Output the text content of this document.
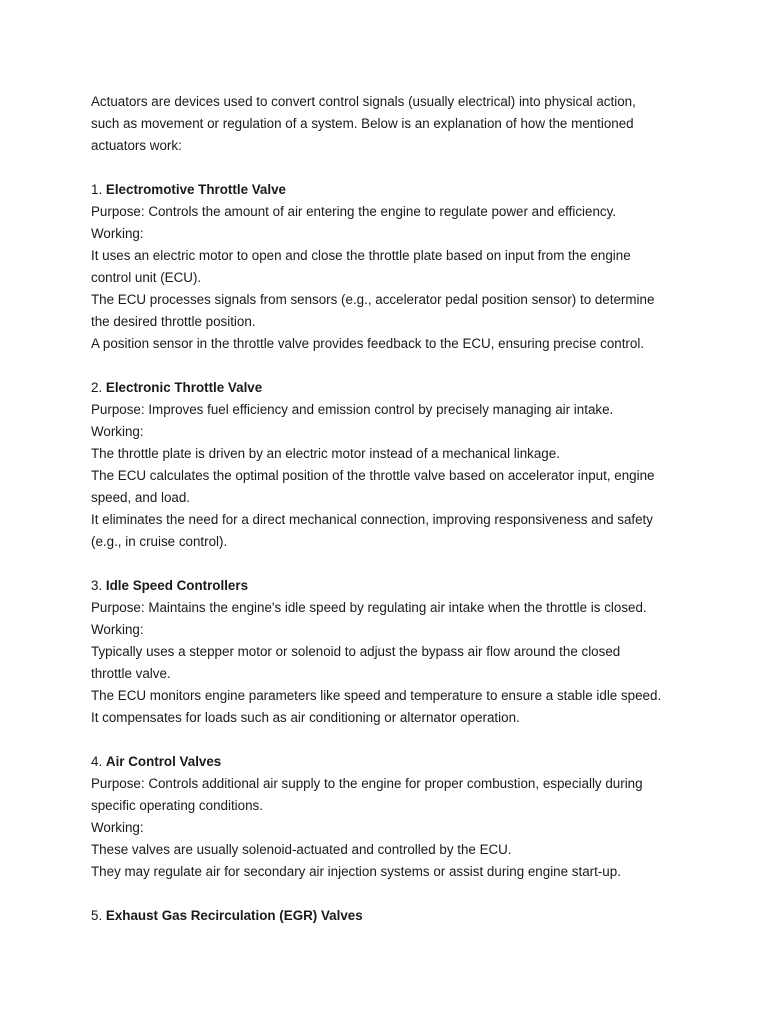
Actuators are devices used to convert control signals (usually electrical) into physical action,

such as movement or regulation of a system. Below is an explanation of how the mentioned

actuators work:

1. Electromotive Throttle Valve

Purpose: Controls the amount of air entering the engine to regulate power and efficiency.

Working:

It uses an electric motor to open and close the throttle plate based on input from the engine

control unit (ECU).

The ECU processes signals from sensors (e.g., accelerator pedal position sensor) to determine

the desired throttle position.

A position sensor in the throttle valve provides feedback to the ECU, ensuring precise control.

2. Electronic Throttle Valve

Purpose: Improves fuel efficiency and emission control by precisely managing air intake.

Working:

The throttle plate is driven by an electric motor instead of a mechanical linkage.

The ECU calculates the optimal position of the throttle valve based on accelerator input, engine

speed, and load.

It eliminates the need for a direct mechanical connection, improving responsiveness and safety

(e.g., in cruise control).

3. Idle Speed Controllers

Purpose: Maintains the engine's idle speed by regulating air intake when the throttle is closed.

Working:

Typically uses a stepper motor or solenoid to adjust the bypass air flow around the closed

throttle valve.

The ECU monitors engine parameters like speed and temperature to ensure a stable idle speed.

It compensates for loads such as air conditioning or alternator operation.

4. Air Control Valves

Purpose: Controls additional air supply to the engine for proper combustion, especially during

specific operating conditions.

Working:

These valves are usually solenoid-actuated and controlled by the ECU.

They may regulate air for secondary air injection systems or assist during engine start-up.

5. Exhaust Gas Recirculation (EGR) Valves
